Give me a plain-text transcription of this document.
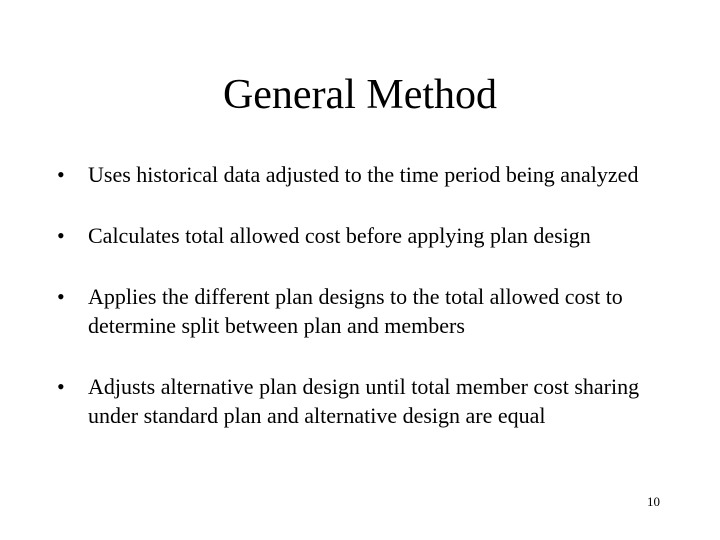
General Method
• Uses historical data adjusted to the time period being analyzed
• Calculates total allowed cost before applying plan design
• Applies the different plan designs to the total allowed cost to determine split between plan and members
• Adjusts alternative plan design until total member cost sharing under standard plan and alternative design are equal
10
